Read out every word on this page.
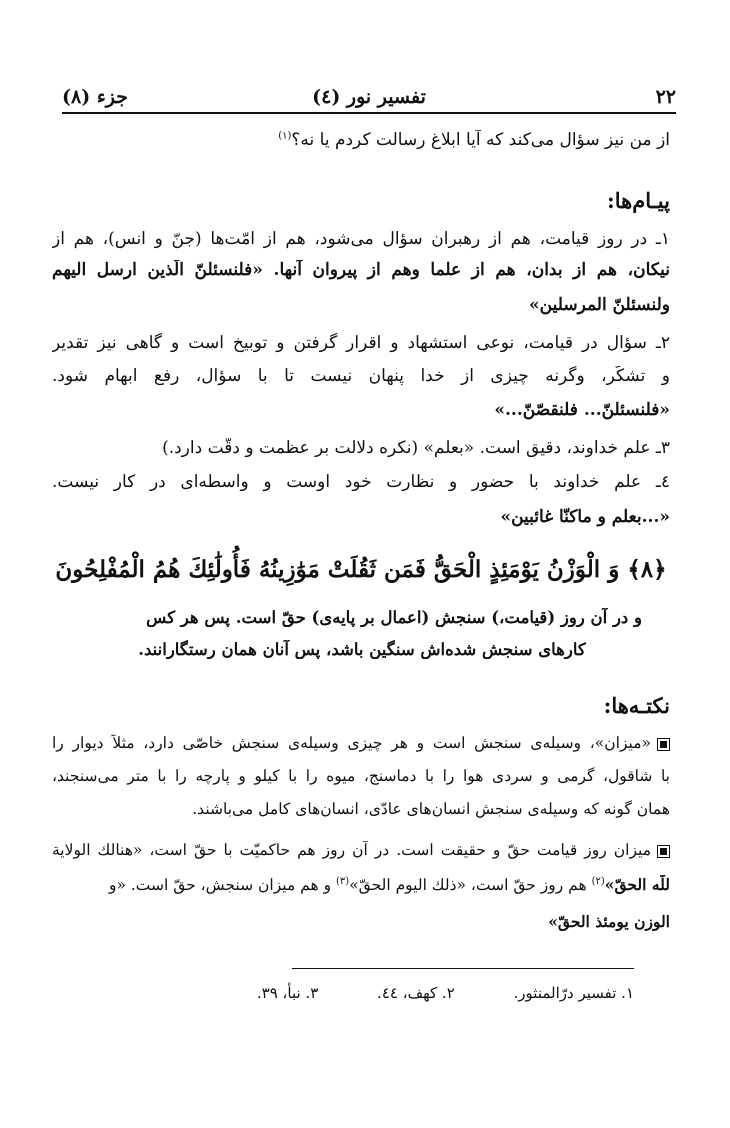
۲۲
تفسیر نور (٤)
جزء (۸)
از من نیز سؤال می‌کند که آیا ابلاغ رسالت کردم یا نه؟$^{(۱)}$
پیـام‌ها:
۱ـ در روز قیامت، هم از رهبران سؤال می‌شود، هم از امّت‌ها (جنّ و انس)، هم از
نیکان، هم از بدان، هم از علما وهم از پیروان آنها. «فلنسئلنّ الّذین ارسل الیهم
ولنسئلنّ المرسلین»
۲ـ سؤال در قیامت، نوعی استشهاد و اقرار گرفتن و توبیخ است و گاهی نیز تقدیر
و تشکّر، وگرنه چیزی از خدا پنهان نیست تا با سؤال، رفع ابهام شود.
«فلنسئلنّ... فلنقصّنّ...»
۳ـ علم خداوند، دقیق است. «بعلم» (نکره دلالت بر عظمت و دقّت دارد.)
٤ـ علم خداوند با حضور و نظارت خود اوست و واسطه‌ای در کار نیست.
«...بعلم و ماکنّا غائبین»
﴿۸﴾ وَ الْوَزْنُ يَوْمَئِذٍ الْحَقُّ فَمَن ثَقُلَتْ مَوَٰزِينُهُ فَأُولَٰئِكَ هُمُ الْمُفْلِحُونَ
و در آن روز (قیامت،) سنجش (اعمال بر پایه‌ی) حقّ است. پس هر کس
کارهای سنجش شده‌اش سنگین باشد، پس آنان همان رستگارانند.
نکتـه‌ها:
«میزان»، وسیله‌ی سنجش است و هر چیزی وسیله‌ی سنجش خاصّی دارد، مثلاً دیوار را
با شاقول، گرمی و سردی هوا را با دماسنج، میوه را با کیلو و پارچه را با متر می‌سنجند،
همان گونه که وسیله‌ی سنجش انسان‌های عادّی، انسان‌های کامل می‌باشند.
میزانِ روز قیامت حقّ و حقیقت است. در آن روز هم حاکمیّت با حقّ است، «هنالك الولایة
للّه الحقّ»$^{(۲)}$ هم روز حقّ است، «ذلك الیوم الحقّ»$^{(۳)}$ و هم میزانِ سنجش، حقّ است. «و
الوزن یومئذ الحقّ»
۱. تفسیر درّالمنثور. ۲. کهف، ٤٤. ۳. نبأ، ۳۹.
